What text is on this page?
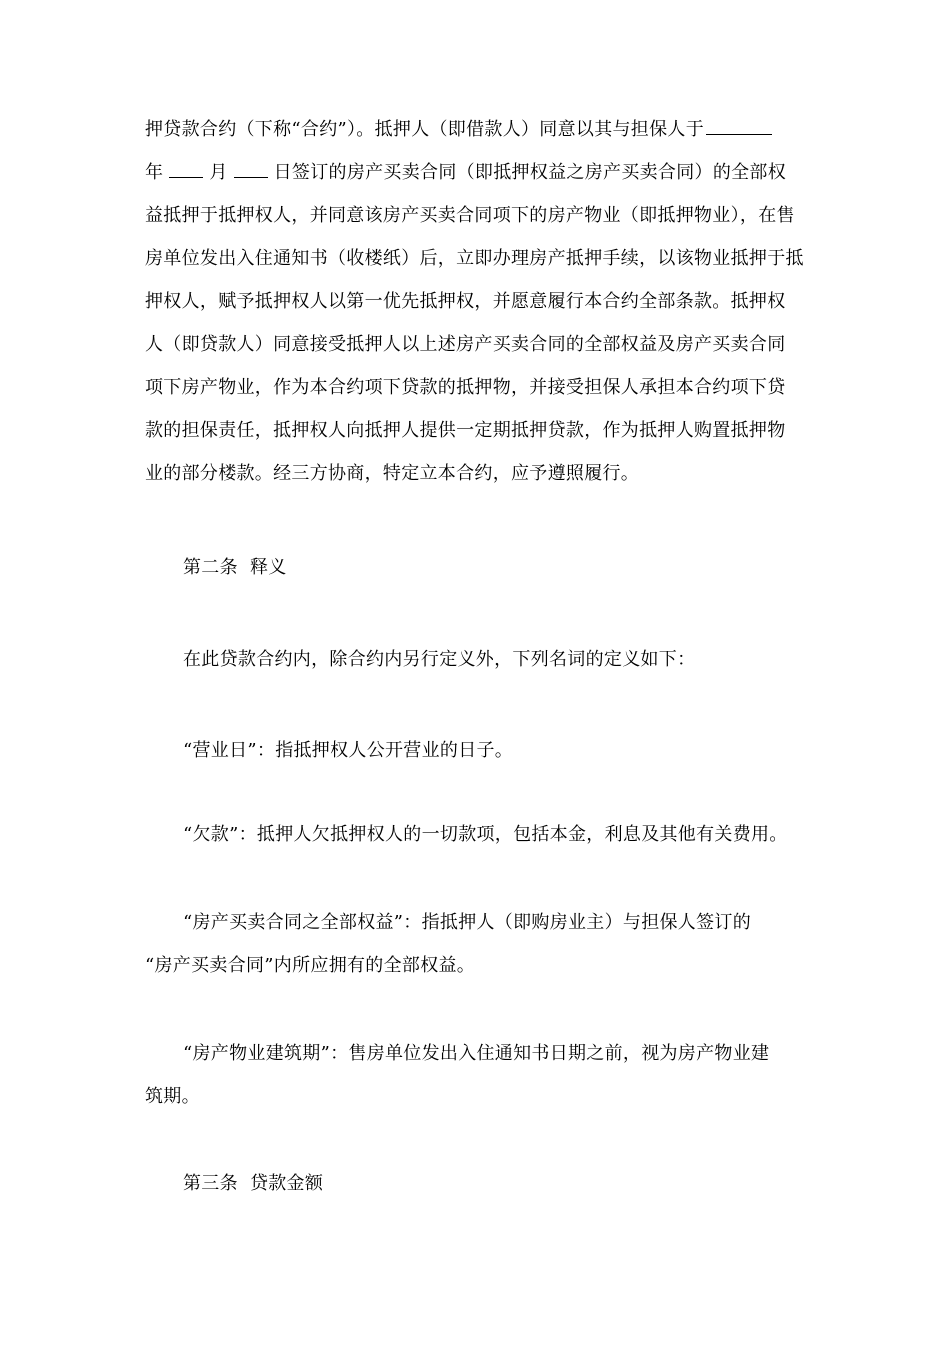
押贷款合约（下称“合约”）。抵押人（即借款人）同意以其与担保人于
年	月	日签订的房产买卖合同（即抵押权益之房产买卖合同）的全部权
益抵押于抵押权人，并同意该房产买卖合同项下的房产物业（即抵押物业），在售
房单位发出入住通知书（收楼纸）后，立即办理房产抵押手续，以该物业抵押于抵
押权人，赋予抵押权人以第一优先抵押权，并愿意履行本合约全部条款。抵押权
人（即贷款人）同意接受抵押人以上述房产买卖合同的全部权益及房产买卖合同
项下房产物业，作为本合约项下贷款的抵押物，并接受担保人承担本合约项下贷
款的担保责任，抵押权人向抵押人提供一定期抵押贷款，作为抵押人购置抵押物
业的部分楼款。经三方协商，特定立本合约，应予遵照履行。
第二条  释义
在此贷款合约内，除合约内另行定义外，下列名词的定义如下：
“营业日”：指抵押权人公开营业的日子。
“欠款”：抵押人欠抵押权人的一切款项，包括本金，利息及其他有关费用。
“房产买卖合同之全部权益”：指抵押人（即购房业主）与担保人签订的
“房产买卖合同”内所应拥有的全部权益。
“房产物业建筑期”：售房单位发出入住通知书日期之前，视为房产物业建
筑期。
第三条  贷款金额
